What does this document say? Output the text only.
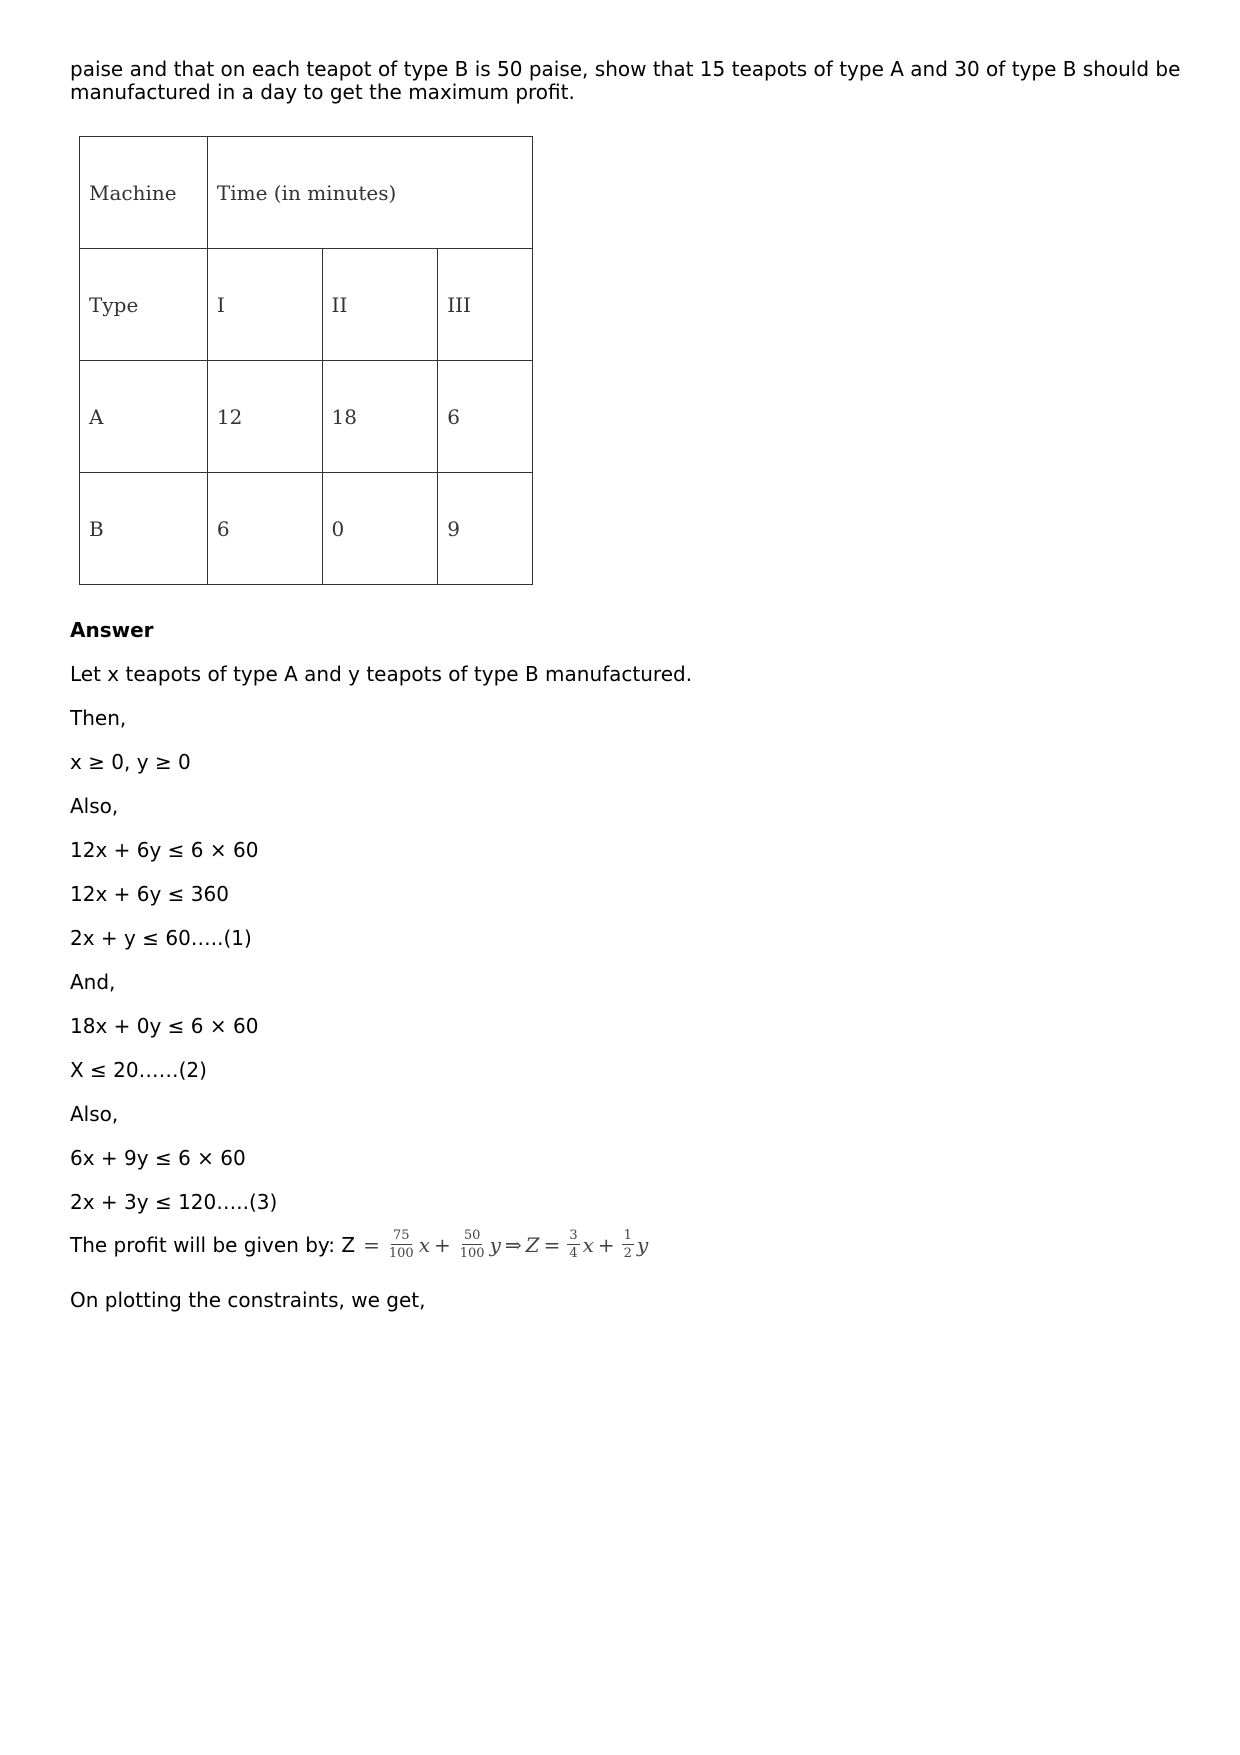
paise and that on each teapot of type B is 50 paise, show that 15 teapots of type A and 30 of type B should be manufactured in a day to get the maximum profit.

Machine	Time (in minutes)		
Type	I	II	III
A	12	18	6
B	6	0	9

Answer

Let x teapots of type A and y teapots of type B manufactured.

Then,

x ≥ 0, y ≥ 0

Also,

12x + 6y ≤ 6 × 60

12x + 6y ≤ 360

2x + y ≤ 60…..(1)

And,

18x + 0y ≤ 6 × 60

X ≤ 20……(2)

Also,

6x + 9y ≤ 6 × 60

2x + 3y ≤ 120…..(3)

The profit will be given by: $Z = \frac{75}{100}$ $x + \frac{50}{100}$ y ⇒ $Z = \frac{3}{4}$ $x + \frac{1}{2}$ y

On plotting the constraints, we get,
